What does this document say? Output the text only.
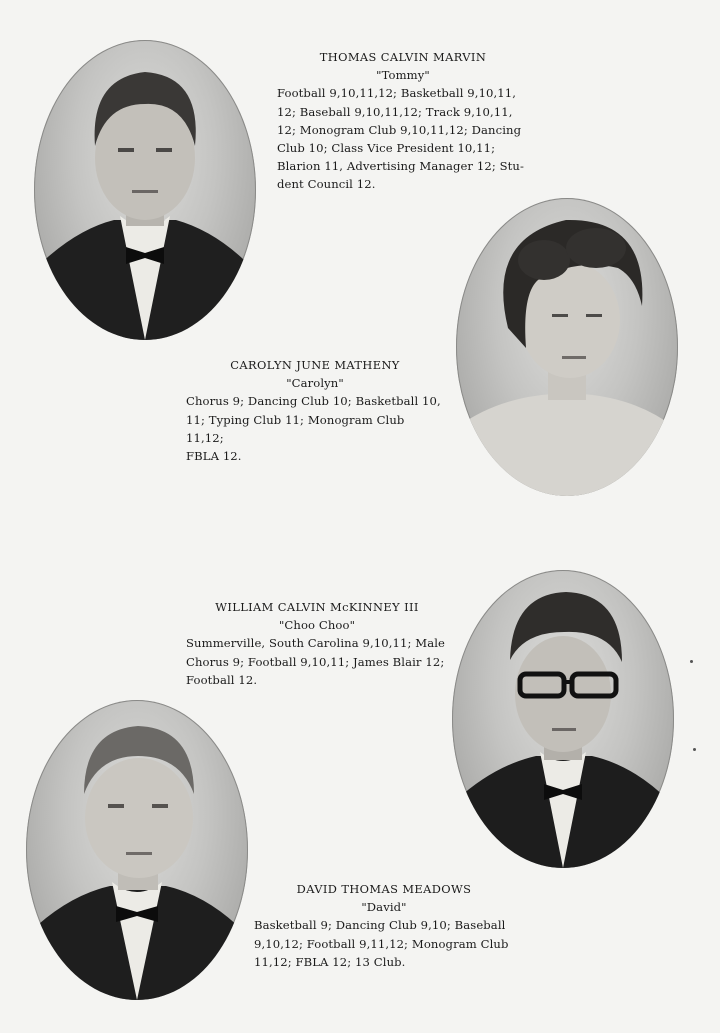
THOMAS CALVIN MARVIN
"Tommy"
Football 9,10,11,12; Basketball 9,10,11,
12; Baseball 9,10,11,12; Track 9,10,11,
12; Monogram Club 9,10,11,12; Dancing
Club 10; Class Vice President 10,11;
Blarion 11, Advertising Manager 12; Stu-
dent Council 12.
CAROLYN JUNE MATHENY
"Carolyn"
Chorus 9; Dancing Club 10; Basketball 10,
11; Typing Club 11; Monogram Club 11,12;
FBLA 12.
WILLIAM CALVIN McKINNEY III
"Choo Choo"
Summerville, South Carolina 9,10,11; Male
Chorus 9; Football 9,10,11; James Blair 12;
Football 12.
DAVID THOMAS MEADOWS
"David"
Basketball 9; Dancing Club 9,10; Baseball
9,10,12; Football 9,11,12; Monogram Club
11,12; FBLA 12; 13 Club.
